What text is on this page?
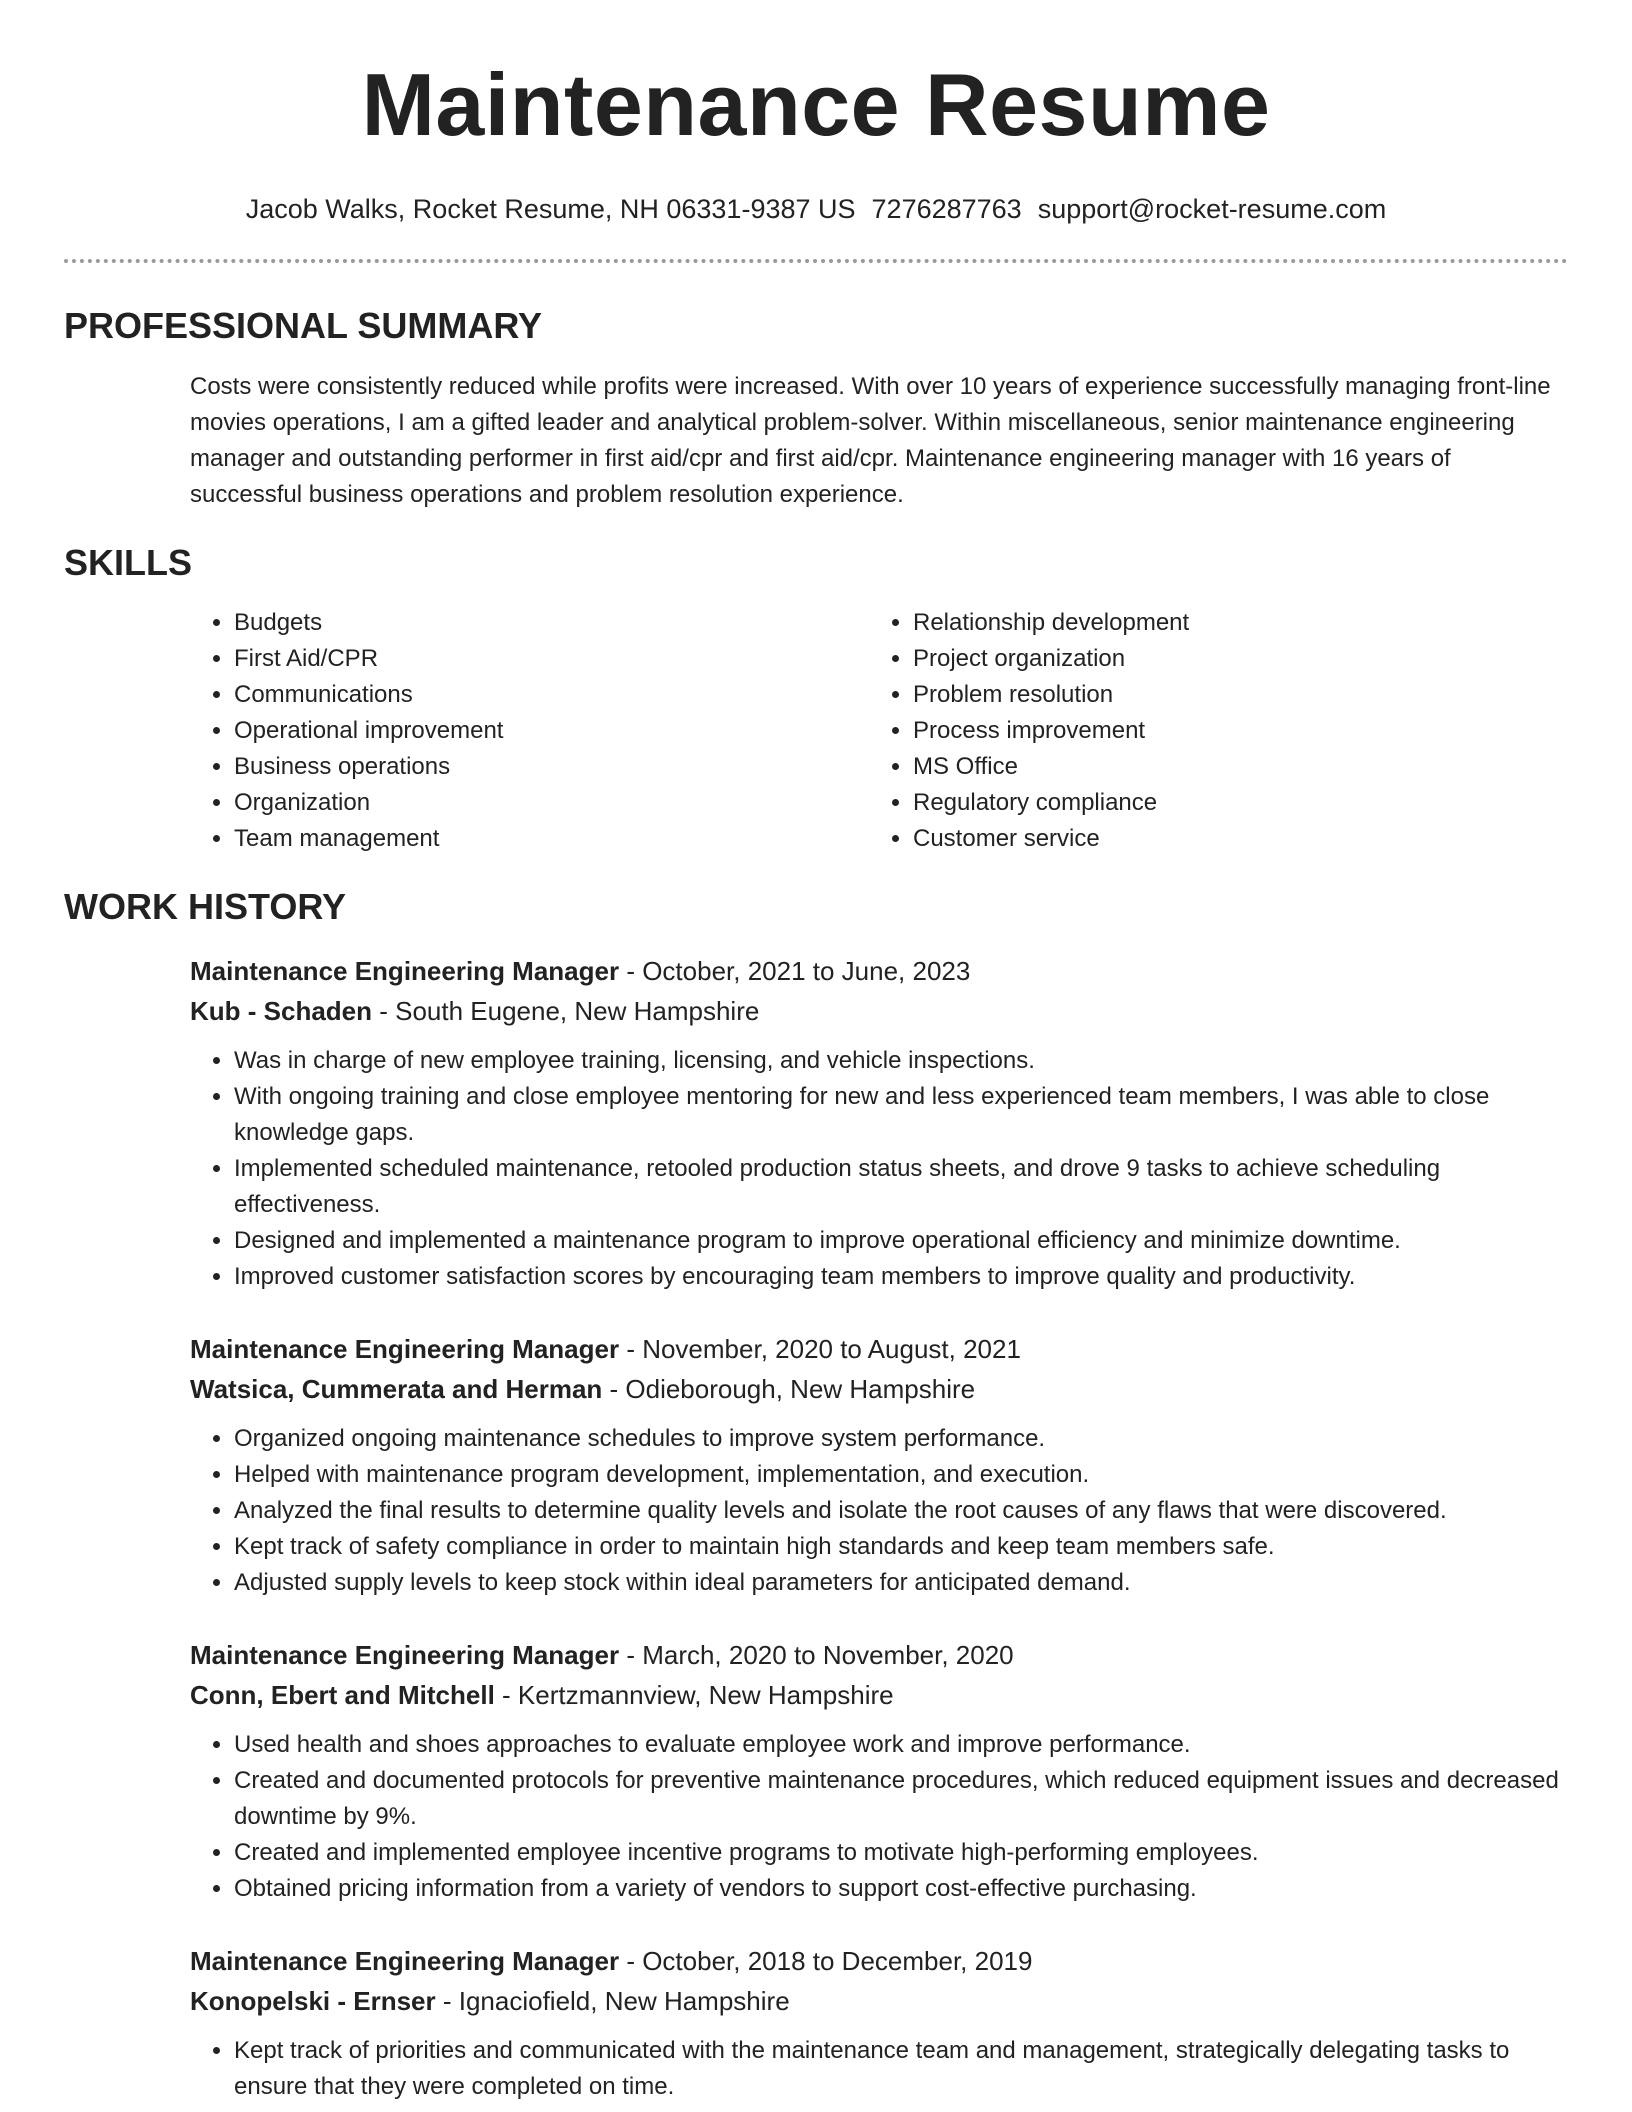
Maintenance Resume
Jacob Walks, Rocket Resume, NH 06331-9387 US 7276287763 support@rocket-resume.com
PROFESSIONAL SUMMARY

Costs were consistently reduced while profits were increased. With over 10 years of experience successfully managing front-line movies operations, I am a gifted leader and analytical problem-solver. Within miscellaneous, senior maintenance engineering manager and outstanding performer in first aid/cpr and first aid/cpr. Maintenance engineering manager with 16 years of successful business operations and problem resolution experience.

SKILLS
• Budgets
• First Aid/CPR
• Communications
• Operational improvement
• Business operations
• Organization
• Team management
• Relationship development
• Project organization
• Problem resolution
• Process improvement
• MS Office
• Regulatory compliance
• Customer service
WORK HISTORY
Maintenance Engineering Manager - October, 2021 to June, 2023
Kub - Schaden - South Eugene, New Hampshire
• Was in charge of new employee training, licensing, and vehicle inspections.
• With ongoing training and close employee mentoring for new and less experienced team members, I was able to close knowledge gaps.
• Implemented scheduled maintenance, retooled production status sheets, and drove 9 tasks to achieve scheduling effectiveness.
• Designed and implemented a maintenance program to improve operational efficiency and minimize downtime.
• Improved customer satisfaction scores by encouraging team members to improve quality and productivity.
Maintenance Engineering Manager - November, 2020 to August, 2021
Watsica, Cummerata and Herman - Odieborough, New Hampshire
• Organized ongoing maintenance schedules to improve system performance.
• Helped with maintenance program development, implementation, and execution.
• Analyzed the final results to determine quality levels and isolate the root causes of any flaws that were discovered.
• Kept track of safety compliance in order to maintain high standards and keep team members safe.
• Adjusted supply levels to keep stock within ideal parameters for anticipated demand.
Maintenance Engineering Manager - March, 2020 to November, 2020
Conn, Ebert and Mitchell - Kertzmannview, New Hampshire
• Used health and shoes approaches to evaluate employee work and improve performance.
• Created and documented protocols for preventive maintenance procedures, which reduced equipment issues and decreased downtime by 9%.
• Created and implemented employee incentive programs to motivate high-performing employees.
• Obtained pricing information from a variety of vendors to support cost-effective purchasing.
Maintenance Engineering Manager - October, 2018 to December, 2019
Konopelski - Ernser - Ignaciofield, New Hampshire
• Kept track of priorities and communicated with the maintenance team and management, strategically delegating tasks to ensure that they were completed on time.
